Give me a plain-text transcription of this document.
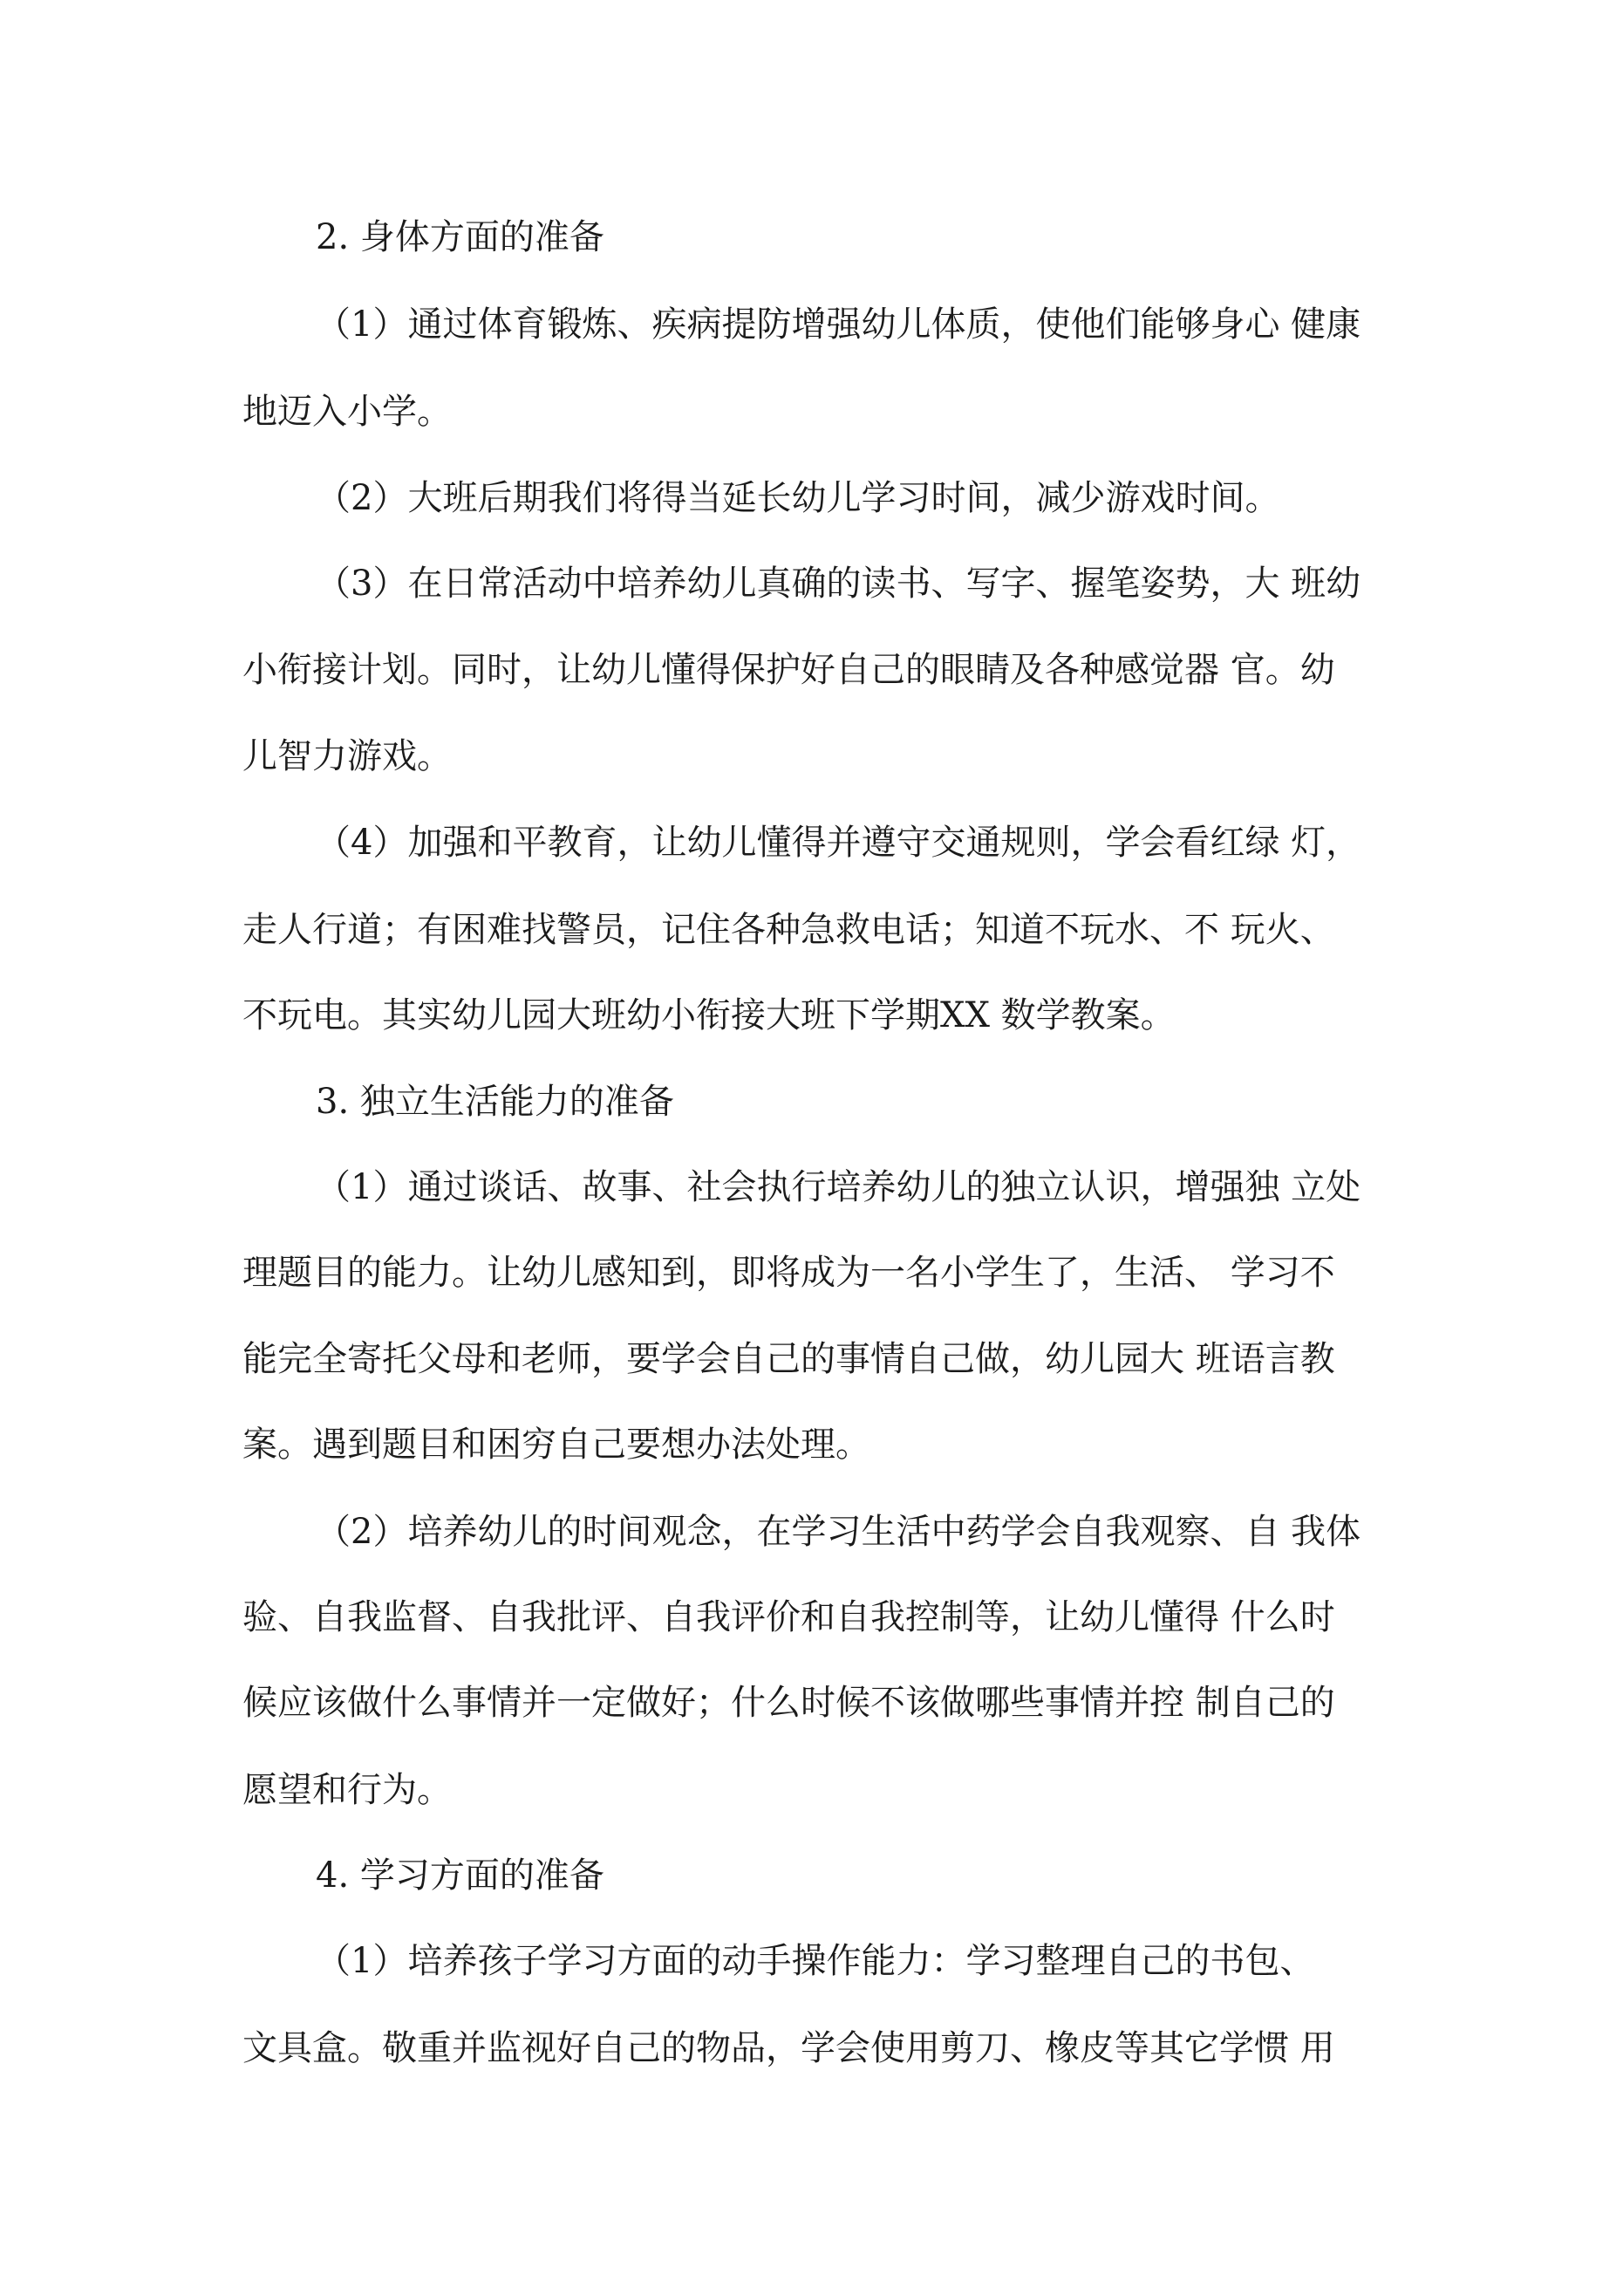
2. 身体方面的准备
（1）通过体育锻炼、疾病提防增强幼儿体质，使他们能够身心 健康
地迈入小学。
（2）大班后期我们将得当延长幼儿学习时间，减少游戏时间。
（3）在日常活动中培养幼儿真确的读书、写字、握笔姿势，大 班幼
小衔接计划。同时，让幼儿懂得保护好自己的眼睛及各种感觉器 官。幼
儿智力游戏。
（4）加强和平教育，让幼儿懂得并遵守交通规则，学会看红绿 灯，
走人行道；有困难找警员，记住各种急救电话；知道不玩水、不 玩火、
不玩电。其实幼儿园大班幼小衔接大班下学期XX 数学教案。
3. 独立生活能力的准备
（1）通过谈话、故事、社会执行培养幼儿的独立认识，增强独 立处
理题目的能力。让幼儿感知到，即将成为一名小学生了，生活、 学习不
能完全寄托父母和老师，要学会自己的事情自己做，幼儿园大 班语言教
案。遇到题目和困穷自己要想办法处理。
（2）培养幼儿的时间观念，在学习生活中药学会自我观察、自 我体
验、自我监督、自我批评、自我评价和自我控制等，让幼儿懂得 什么时
候应该做什么事情并一定做好；什么时候不该做哪些事情并控 制自己的
愿望和行为。
4. 学习方面的准备
（1）培养孩子学习方面的动手操作能力：学习整理自己的书包、
文具盒。敬重并监视好自己的物品，学会使用剪刀、橡皮等其它学惯 用
